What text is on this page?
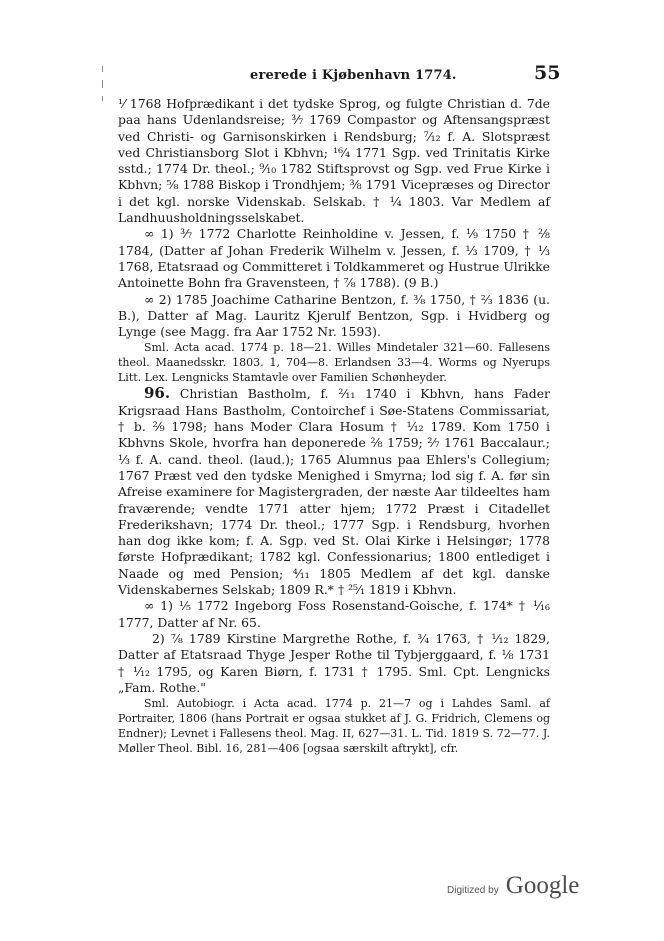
ererede i Kjøbenhavn 1774.	55

⅟ 1768 Hofprædikant i det tydske Sprog, og fulgte Christian d. 7de paa hans Udenlandsreise; ³⁄₇ 1769 Compastor og Aftensangspræst ved Christi- og Garnisonskirken i Rendsburg; ⁷⁄₁₂ f. A. Slotspræst ved Christiansborg Slot i Kbhvn; ¹⁶⁄₄ 1771 Sgp. ved Trinitatis Kirke sstd.; 1774 Dr. theol.; ⁹⁄₁₀ 1782 Stiftsprovst og Sgp. ved Frue Kirke i Kbhvn; ⅝ 1788 Biskop i Trondhjem; ³⁄₈ 1791 Vicepræses og Director i det kgl. norske Videnskab. Selskab. † ¹⁄₄ 1803. Var Medlem af Landhuusholdningsselskabet.

∞ 1) ³⁄₇ 1772 Charlotte Reinholdine v. Jessen, f. ¹⁄₉ 1750 † ²⁄₈ 1784, (Datter af Johan Frederik Wilhelm v. Jessen, f. ¹⁄₃ 1709, † ¹⁄₃ 1768, Etatsraad og Committeret i Toldkammeret og Hustrue Ulrikke Antoinette Bohn fra Gravensteen, † ⅞ 1788). (9 B.)

∞ 2) 1785 Joachime Catharine Bentzon, f. ⅜ 1750, † ⅔ 1836 (u. B.), Datter af Mag. Lauritz Kjerulf Bentzon, Sgp. i Hvidberg og Lynge (see Magg. fra Aar 1752 Nr. 1593).

Sml. Acta acad. 1774 p. 18—21. Willes Mindetaler 321—60. Fallesens theol. Maanedsskr. 1803. 1, 704—8. Erlandsen 33—4. Worms og Nyerups Litt. Lex. Lengnicks Stamtavle over Familien Schønheyder.

96. Christian Bastholm, f. ²⁄₁₁ 1740 i Kbhvn, hans Fader Krigsraad Hans Bastholm, Contoirchef i Søe-Statens Commissariat, † b. ²⁄₉ 1798; hans Moder Clara Hosum † ¹⁄₁₂ 1789. Kom 1750 i Kbhvns Skole, hvorfra han deponerede ²⁄₈ 1759; ²⁄₇ 1761 Baccalaur.; ¹⁄₃ f. A. cand. theol. (laud.); 1765 Alumnus paa Ehlers's Collegium; 1767 Præst ved den tydske Menighed i Smyrna; lod sig f. A. før sin Afreise examinere for Magistergraden, der næste Aar tildeeltes ham fraværende; vendte 1771 atter hjem; 1772 Præst i Citadellet Frederikshavn; 1774 Dr. theol.; 1777 Sgp. i Rendsburg, hvorhen han dog ikke kom; f. A. Sgp. ved St. Olai Kirke i Helsingør; 1778 første Hofprædikant; 1782 kgl. Confessionarius; 1800 entlediget i Naade og med Pension; ⁴⁄₁₁ 1805 Medlem af det kgl. danske Videnskabernes Selskab; 1809 R.* † ²⁵⁄₁ 1819 i Kbhvn.

∞ 1) ⅕ 1772 Ingeborg Foss Rosenstand-Goische, f. 174* † ¹⁄₁₆ 1777, Datter af Nr. 65.

2) ⅞ 1789 Kirstine Margrethe Rothe, f. ¾ 1763, † ¹⁄₁₂ 1829, Datter af Etatsraad Thyge Jesper Rothe til Tybjerggaard, f. ¹⁄₈ 1731 † ¹⁄₁₂ 1795, og Karen Biørn, f. 1731 † 1795. Sml. Cpt. Lengnicks „Fam. Rothe."

Sml. Autobiogr. i Acta acad. 1774 p. 21—7 og i Lahdes Saml. af Portraiter, 1806 (hans Portrait er ogsaa stukket af J. G. Fridrich, Clemens og Endner); Levnet i Fallesens theol. Mag. II, 627—31. L. Tid. 1819 S. 72—77. J. Møller Theol. Bibl. 16, 281—406 [ogsaa særskilt aftrykt], cfr.

Digitized by Google
